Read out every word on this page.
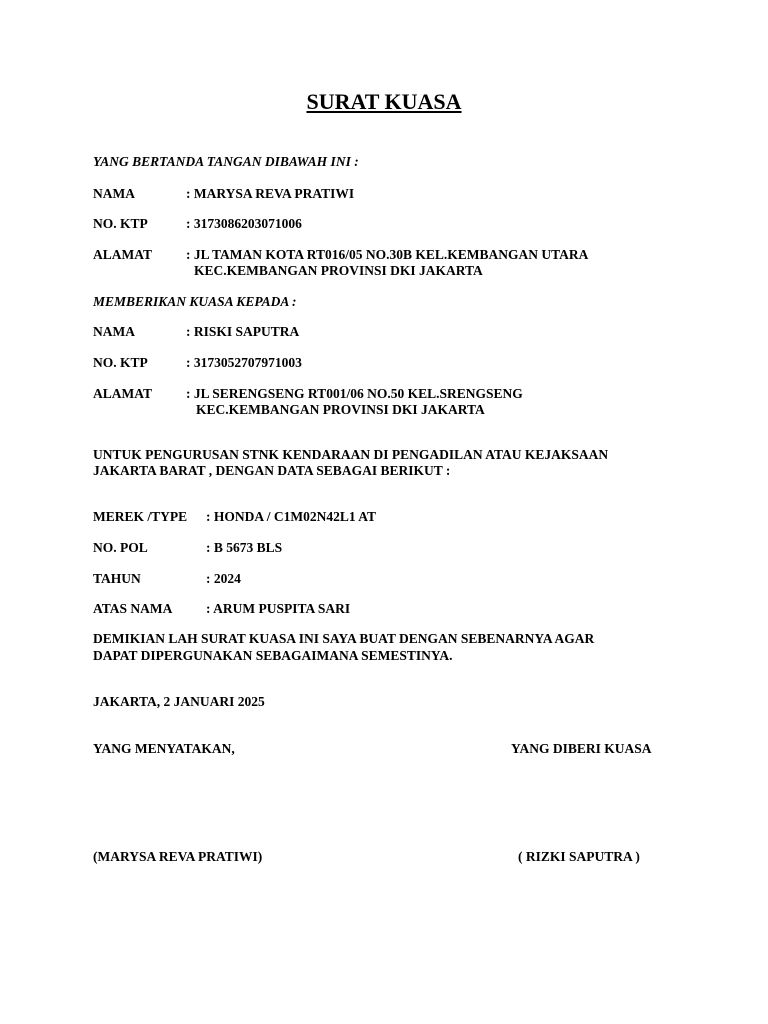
SURAT KUASA
YANG BERTANDA TANGAN DIBAWAH INI :
NAMA	: MARYSA REVA PRATIWI
NO. KTP	: 3173086203071006
ALAMAT	: JL TAMAN KOTA RT016/05 NO.30B KEL.KEMBANGAN UTARA
KEC.KEMBANGAN PROVINSI DKI JAKARTA
MEMBERIKAN KUASA KEPADA :
NAMA	: RISKI SAPUTRA
NO. KTP	: 3173052707971003
ALAMAT	: JL SERENGSENG RT001/06 NO.50 KEL.SRENGSENG
KEC.KEMBANGAN PROVINSI DKI JAKARTA
UNTUK PENGURUSAN STNK KENDARAAN DI PENGADILAN ATAU KEJAKSAAN
JAKARTA BARAT , DENGAN DATA SEBAGAI BERIKUT :
MEREK /TYPE : HONDA / C1M02N42L1 AT
NO. POL	: B 5673 BLS
TAHUN	: 2024
ATAS NAMA : ARUM PUSPITA SARI
DEMIKIAN LAH SURAT KUASA INI SAYA BUAT DENGAN SEBENARNYA AGAR
DAPAT DIPERGUNAKAN SEBAGAIMANA SEMESTINYA.
JAKARTA, 2 JANUARI 2025
YANG MENYATAKAN,	YANG DIBERI KUASA
(MARYSA REVA PRATIWI)	( RIZKI SAPUTRA )
